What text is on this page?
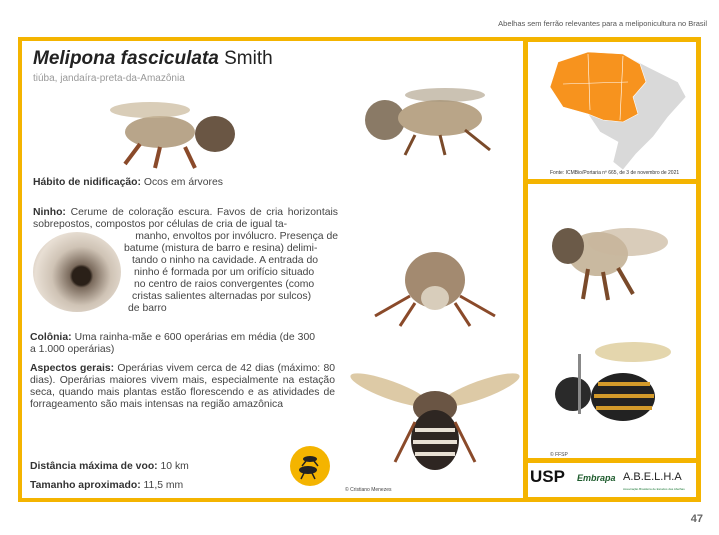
Abelhas sem ferrão relevantes para a meliponicultura no Brasil
Fonte: ICMBio/Portaria nº 665, de 3 de novembro de 2021
© FFSP
USP Embrapa A.B.E.L.H.A
Associação Brasileira de Estudos das Abelhas
Melipona fasciculata Smith
tiúba, jandaíra-preta-da-Amazônia
© Cristiano Menezes
Hábito de nidificação: Ocos em árvores
Ninho: Cerume de coloração escura. Favos de cria horizontais sobrepostos, compostos por células de cria de igual ta-
manho, envoltos por invólucro. Presença de
batume (mistura de barro e resina) delimi-
tando o ninho na cavidade. A entrada do
ninho é formada por um orifício situado
no centro de raios convergentes (como
cristas salientes alternadas por sulcos)
de barro
Colônia: Uma rainha-mãe e 600 operárias em média (de 300 a 1.000 operárias)
Aspectos gerais: Operárias vivem cerca de 42 dias (máximo: 80 dias). Operárias maiores vivem mais, especialmente na estação seca, quando mais plantas estão florescendo e as atividades de forrageamento são mais intensas na região amazônica
Distância máxima de voo: 10 km
Tamanho aproximado: 11,5 mm
47
